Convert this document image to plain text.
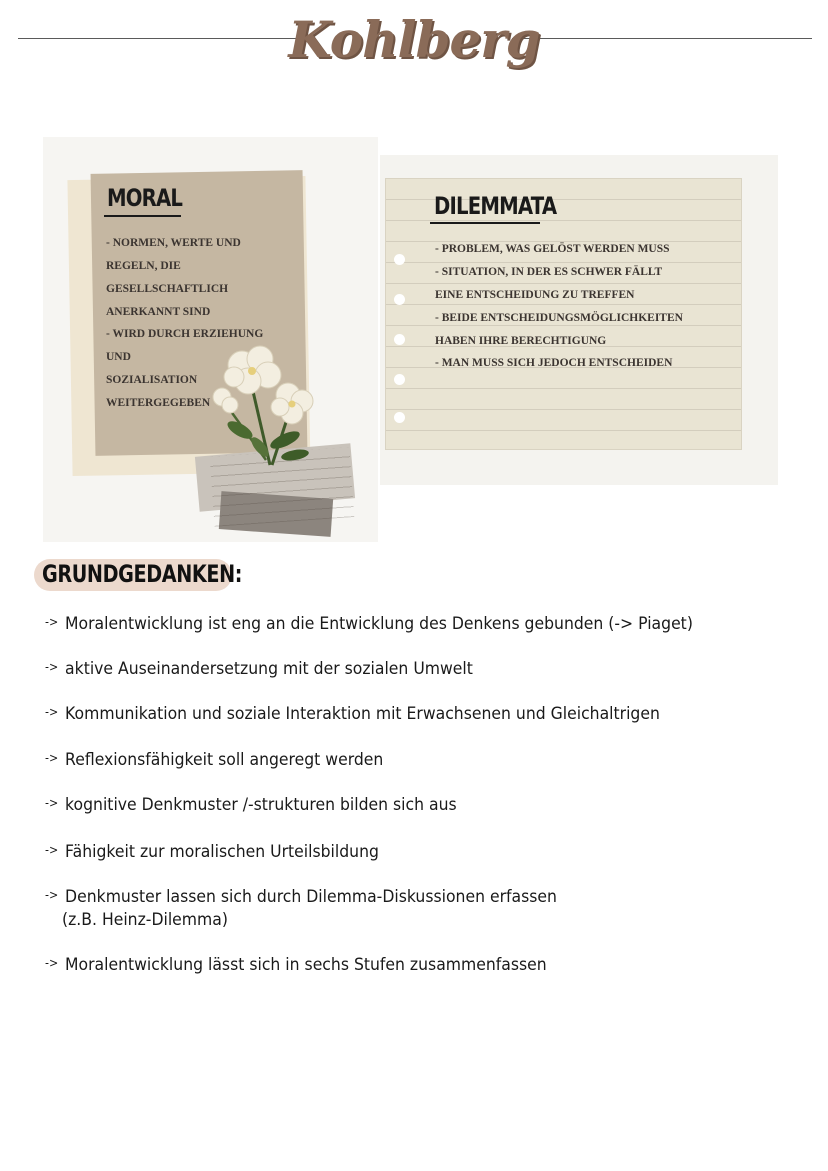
Kohlberg
MORAL
- NORMEN, WERTE UND
REGELN, DIE
GESELLSCHAFTLICH
ANERKANNT SIND
- WIRD DURCH ERZIEHUNG
UND
SOZIALISATION
WEITERGEGEBEN
DILEMMATA
- PROBLEM, WAS GELÖST WERDEN MUSS
- SITUATION, IN DER ES SCHWER FÄLLT
EINE ENTSCHEIDUNG ZU TREFFEN
- BEIDE ENTSCHEIDUNGSMÖGLICHKEITEN
HABEN IHRE BERECHTIGUNG
- MAN MUSS SICH JEDOCH ENTSCHEIDEN
GRUNDGEDANKEN:
-> Moralentwicklung ist eng an die Entwicklung des Denkens gebunden (-> Piaget)
-> aktive Auseinandersetzung mit der sozialen Umwelt
-> Kommunikation und soziale Interaktion mit Erwachsenen und Gleichaltrigen
-> Reflexionsfähigkeit soll angeregt werden
-> kognitive Denkmuster /-strukturen bilden sich aus
-> Fähigkeit zur moralischen Urteilsbildung
-> Denkmuster lassen sich durch Dilemma-Diskussionen erfassen
(z.B. Heinz-Dilemma)
-> Moralentwicklung lässt sich in sechs Stufen zusammenfassen
